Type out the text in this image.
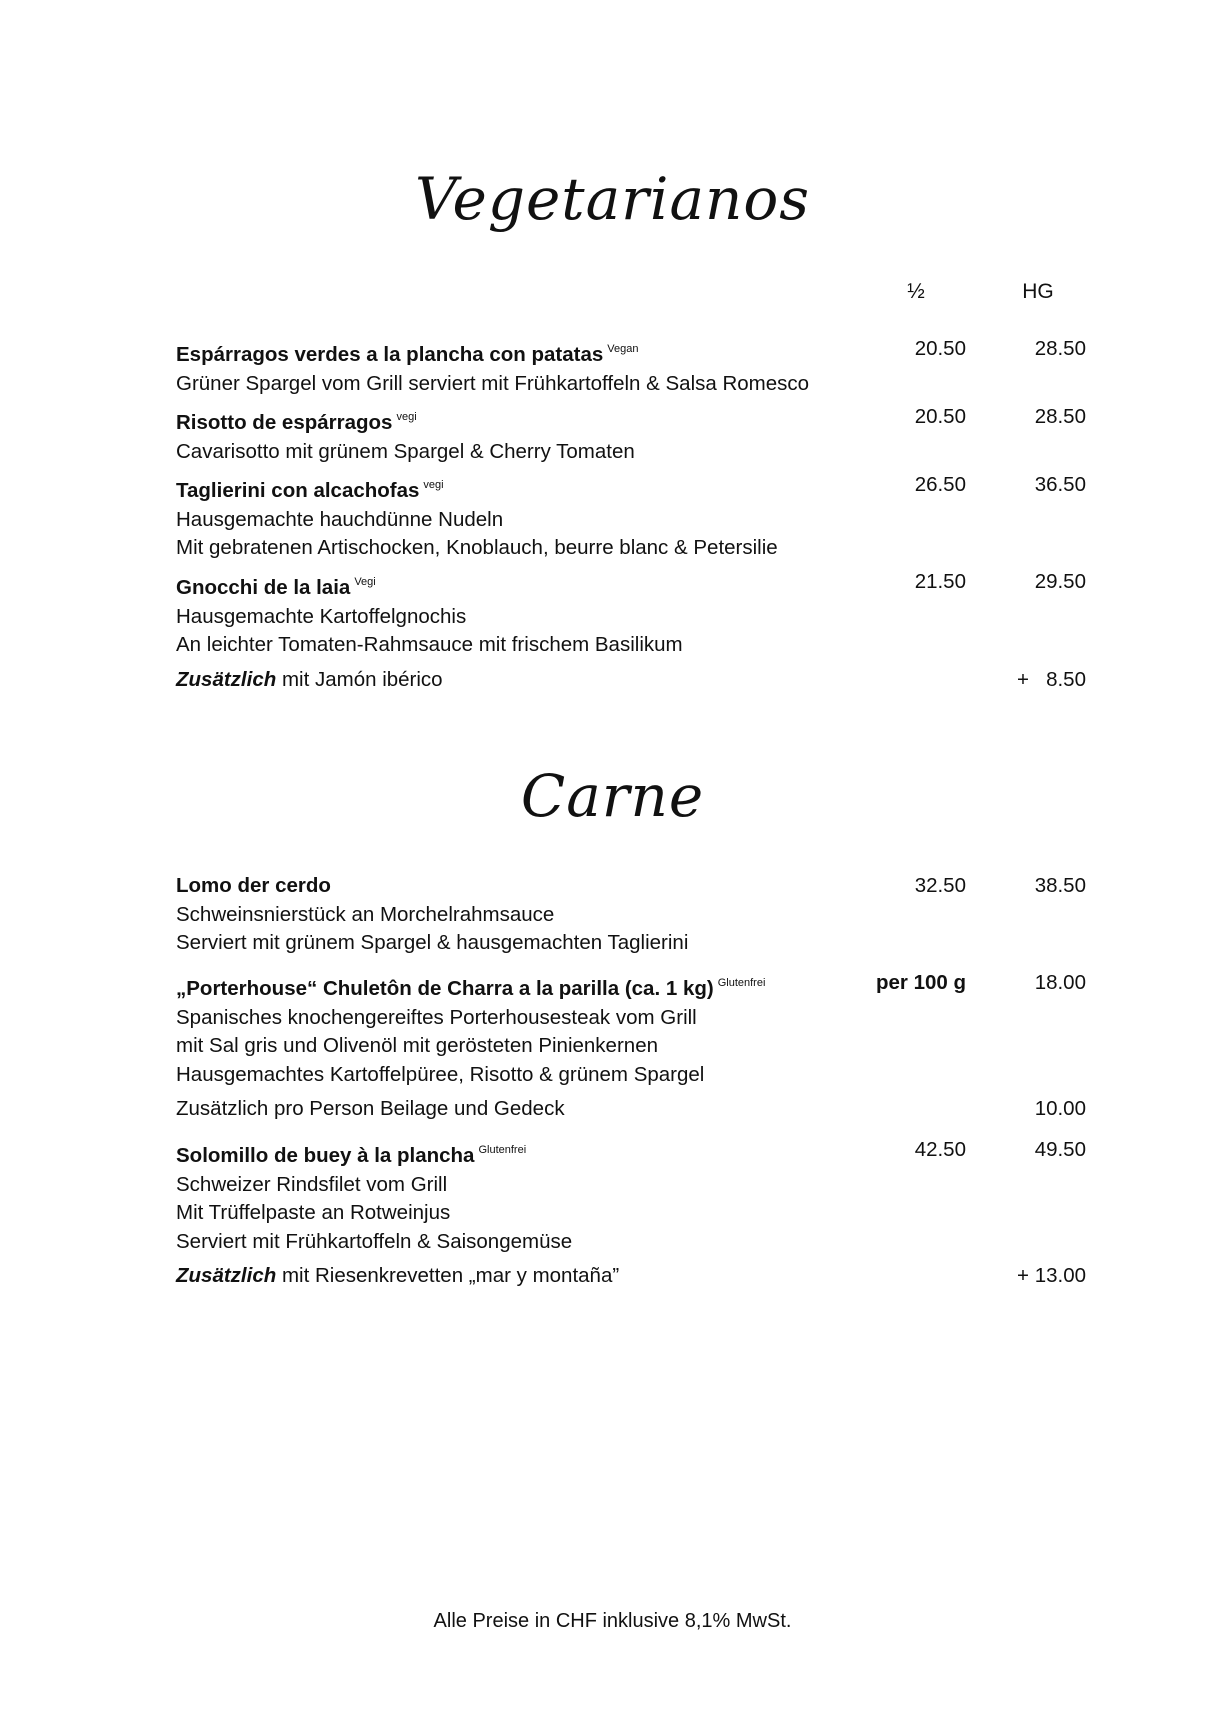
Vegetarianos
½	HG
Espárragos verdes a la plancha con patatas $^{Vegan}$
Grüner Spargel vom Grill serviert mit Frühkartoffeln & Salsa Romesco
20.50	28.50
Risotto de espárragos $^{vegi}$
Cavarisotto mit grünem Spargel & Cherry Tomaten
20.50	28.50
Taglierini con alcachofas $^{vegi}$
Hausgemachte hauchdünne Nudeln
Mit gebratenen Artischocken, Knoblauch, beurre blanc & Petersilie
26.50	36.50
Gnocchi de la laia $^{Vegi}$
Hausgemachte Kartoffelgnochis
An leichter Tomaten-Rahmsauce mit frischem Basilikum
21.50	29.50
Zusätzlich mit Jamón ibérico	+   8.50
Carne
Lomo der cerdo
Schweinsnierstück an Morchelrahmsauce
Serviert mit grünem Spargel & hausgemachten Taglierini
32.50	38.50
„Porterhouse“ Chuletôn de Charra a la parilla (ca. 1 kg) $^{Glutenfrei}$
Spanisches knochengereiftes Porterhousesteak vom Grill
mit Sal gris und Olivenöl mit gerösteten Pinienkernen
Hausgemachtes Kartoffelpüree, Risotto & grünem Spargel
per 100 g	18.00
Zusätzlich pro Person Beilage und Gedeck	10.00
Solomillo de buey à la plancha $^{Glutenfrei}$
Schweizer Rindsfilet vom Grill
Mit Trüffelpaste an Rotweinjus
Serviert mit Frühkartoffeln & Saisongemüse
42.50	49.50
Zusätzlich mit Riesenkrevetten „mar y montaña”	+ 13.00
Alle Preise in CHF inklusive 8,1% MwSt.
